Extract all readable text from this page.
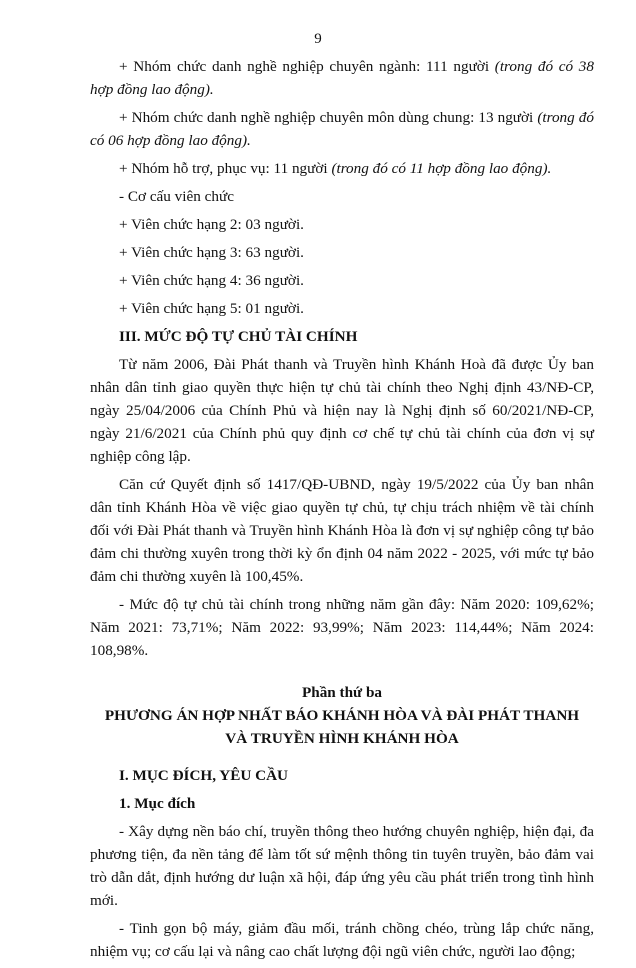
9

+ Nhóm chức danh nghề nghiệp chuyên ngành: 111 người (trong đó có 38 hợp đồng lao động).

+ Nhóm chức danh nghề nghiệp chuyên môn dùng chung: 13 người (trong đó có 06 hợp đồng lao động).

+ Nhóm hỗ trợ, phục vụ: 11 người (trong đó có 11 hợp đồng lao động).

- Cơ cấu viên chức

+ Viên chức hạng 2: 03 người.

+ Viên chức hạng 3: 63 người.

+ Viên chức hạng 4: 36 người.

+ Viên chức hạng 5: 01 người.

III. MỨC ĐỘ TỰ CHỦ TÀI CHÍNH

Từ năm 2006, Đài Phát thanh và Truyền hình Khánh Hoà đã được Ủy ban nhân dân tỉnh giao quyền thực hiện tự chủ tài chính theo Nghị định 43/NĐ-CP, ngày 25/04/2006 của Chính Phủ và hiện nay là Nghị định số 60/2021/NĐ-CP, ngày 21/6/2021 của Chính phủ quy định cơ chế tự chủ tài chính của đơn vị sự nghiệp công lập.

Căn cứ Quyết định số 1417/QĐ-UBND, ngày 19/5/2022 của Ủy ban nhân dân tỉnh Khánh Hòa về việc giao quyền tự chủ, tự chịu trách nhiệm về tài chính đối với Đài Phát thanh và Truyền hình Khánh Hòa là đơn vị sự nghiệp công tự bảo đảm chi thường xuyên trong thời kỳ ổn định 04 năm 2022 - 2025, với mức tự bảo đảm chi thường xuyên là 100,45%.

- Mức độ tự chủ tài chính trong những năm gần đây: Năm 2020: 109,62%; Năm 2021: 73,71%; Năm 2022: 93,99%; Năm 2023: 114,44%; Năm 2024: 108,98%.

Phần thứ ba

PHƯƠNG ÁN HỢP NHẤT BÁO KHÁNH HÒA VÀ ĐÀI PHÁT THANH

VÀ TRUYỀN HÌNH KHÁNH HÒA

I. MỤC ĐÍCH, YÊU CẦU

1. Mục đích

- Xây dựng nền báo chí, truyền thông theo hướng chuyên nghiệp, hiện đại, đa phương tiện, đa nền tảng để làm tốt sứ mệnh thông tin tuyên truyền, bảo đảm vai trò dẫn dắt, định hướng dư luận xã hội, đáp ứng yêu cầu phát triển trong tình hình mới.

- Tinh gọn bộ máy, giảm đầu mối, tránh chồng chéo, trùng lắp chức năng, nhiệm vụ; cơ cấu lại và nâng cao chất lượng đội ngũ viên chức, người lao động;
